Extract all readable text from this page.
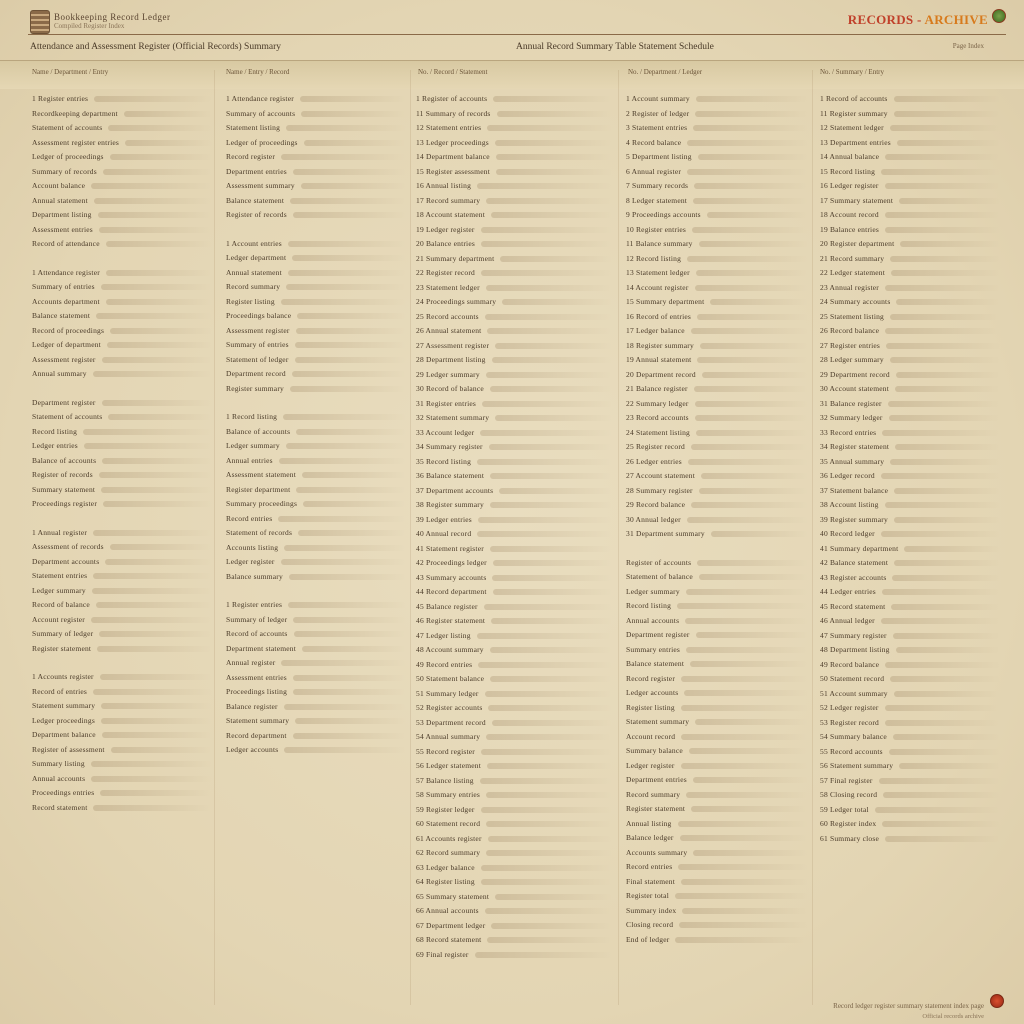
Bookkeeping Record Ledger
Compiled Register Index	RECORDS - ARCHIVE
Attendance and Assessment Register (Official Records) Summary	Annual Record Summary Table Statement Schedule	Page Index
Name / Department / Entry	Name / Entry / Record	No. / Record / Statement	No. / Department / Ledger	No. / Summary / Entry
1 Register entries
Recordkeeping department
Statement of accounts
Assessment register entries
Ledger of proceedings
Summary of records
Account balance
Annual statement
Department listing
Assessment entries
Record of attendance
1 Attendance register
Summary of entries
Accounts department
Balance statement
Record of proceedings
Ledger of department
Assessment register
Annual summary
Department register
Statement of accounts
Record listing
Ledger entries
Balance of accounts
Register of records
Summary statement
Proceedings register
1 Annual register
Assessment of records
Department accounts
Statement entries
Ledger summary
Record of balance
Account register
Summary of ledger
Register statement
1 Accounts register
Record of entries
Statement summary
Ledger proceedings
Department balance
Register of assessment
Summary listing
Annual accounts
Proceedings entries
Record statement
1 Attendance register
Summary of accounts
Statement listing
Ledger of proceedings
Record register
Department entries
Assessment summary
Balance statement
Register of records
1 Account entries
Ledger department
Annual statement
Record summary
Register listing
Proceedings balance
Assessment register
Summary of entries
Statement of ledger
Department record
Register summary
1 Record listing
Balance of accounts
Ledger summary
Annual entries
Assessment statement
Register department
Summary proceedings
Record entries
Statement of records
Accounts listing
Ledger register
Balance summary
1 Register entries
Summary of ledger
Record of accounts
Department statement
Annual register
Assessment entries
Proceedings listing
Balance register
Statement summary
Record department
Ledger accounts
1 Register of accounts
11 Summary of records
12 Statement entries
13 Ledger proceedings
14 Department balance
15 Register assessment
16 Annual listing
17 Record summary
18 Account statement
19 Ledger register
20 Balance entries
21 Summary department
22 Register record
23 Statement ledger
24 Proceedings summary
25 Record accounts
26 Annual statement
27 Assessment register
28 Department listing
29 Ledger summary
30 Record of balance
31 Register entries
32 Statement summary
33 Account ledger
34 Summary register
35 Record listing
36 Balance statement
37 Department accounts
38 Register summary
39 Ledger entries
40 Annual record
41 Statement register
42 Proceedings ledger
43 Summary accounts
44 Record department
45 Balance register
46 Register statement
47 Ledger listing
48 Account summary
49 Record entries
50 Statement balance
51 Summary ledger
52 Register accounts
53 Department record
54 Annual summary
55 Record register
56 Ledger statement
57 Balance listing
58 Summary entries
59 Register ledger
60 Statement record
61 Accounts register
62 Record summary
63 Ledger balance
64 Register listing
65 Summary statement
66 Annual accounts
67 Department ledger
68 Record statement
69 Final register
1 Account summary
2 Register of ledger
3 Statement entries
4 Record balance
5 Department listing
6 Annual register
7 Summary records
8 Ledger statement
9 Proceedings accounts
10 Register entries
11 Balance summary
12 Record listing
13 Statement ledger
14 Account register
15 Summary department
16 Record of entries
17 Ledger balance
18 Register summary
19 Annual statement
20 Department record
21 Balance register
22 Summary ledger
23 Record accounts
24 Statement listing
25 Register record
26 Ledger entries
27 Account statement
28 Summary register
29 Record balance
30 Annual ledger
31 Department summary
Register of accounts
Statement of balance
Ledger summary
Record listing
Annual accounts
Department register
Summary entries
Balance statement
Record register
Ledger accounts
Register listing
Statement summary
Account record
Summary balance
Ledger register
Department entries
Record summary
Register statement
Annual listing
Balance ledger
Accounts summary
Record entries
Final statement
Register total
Summary index
Closing record
End of ledger
1 Record of accounts
11 Register summary
12 Statement ledger
13 Department entries
14 Annual balance
15 Record listing
16 Ledger register
17 Summary statement
18 Account record
19 Balance entries
20 Register department
21 Record summary
22 Ledger statement
23 Annual register
24 Summary accounts
25 Statement listing
26 Record balance
27 Register entries
28 Ledger summary
29 Department record
30 Account statement
31 Balance register
32 Summary ledger
33 Record entries
34 Register statement
35 Annual summary
36 Ledger record
37 Statement balance
38 Account listing
39 Register summary
40 Record ledger
41 Summary department
42 Balance statement
43 Register accounts
44 Ledger entries
45 Record statement
46 Annual ledger
47 Summary register
48 Department listing
49 Record balance
50 Statement record
51 Account summary
52 Ledger register
53 Register record
54 Summary balance
55 Record accounts
56 Statement summary
57 Final register
58 Closing record
59 Ledger total
60 Register index
61 Summary close
Record ledger register summary statement index page
Official records archive
